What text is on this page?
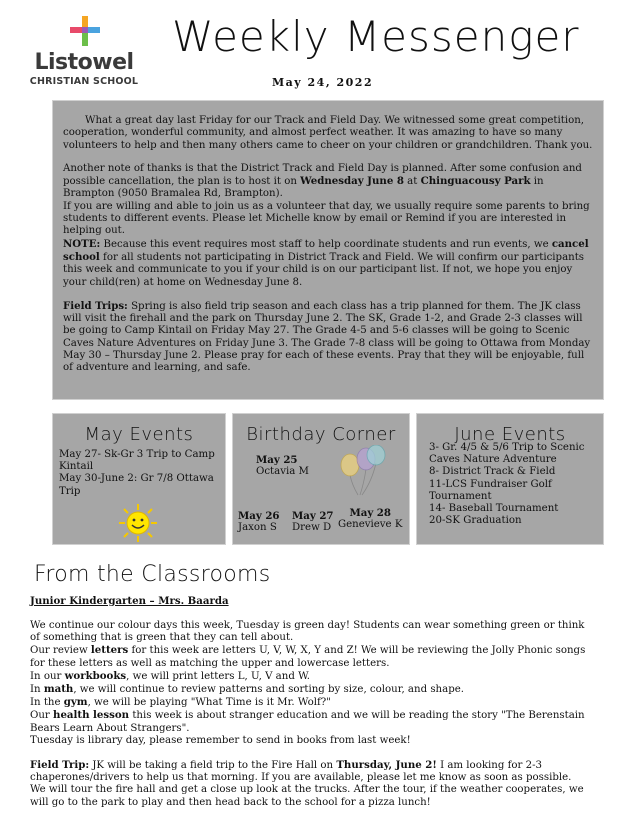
Listowel
CHRISTIAN SCHOOL
Weekly Messenger
May 24, 2022

What a great day last Friday for our Track and Field Day. We witnessed some great competition, cooperation, wonderful community, and almost perfect weather. It was amazing to have so many volunteers to help and then many others came to cheer on your children or grandchildren. Thank you.

Another note of thanks is that the District Track and Field Day is planned. After some confusion and possible cancellation, the plan is to host it on Wednesday June 8 at Chinguacousy Park in Brampton (9050 Bramalea Rd, Brampton).

If you are willing and able to join us as a volunteer that day, we usually require some parents to bring students to different events. Please let Michelle know by email or Remind if you are interested in helping out.

NOTE: Because this event requires most staff to help coordinate students and run events, we cancel school for all students not participating in District Track and Field. We will confirm our participants this week and communicate to you if your child is on our participant list. If not, we hope you enjoy your child(ren) at home on Wednesday June 8.

Field Trips: Spring is also field trip season and each class has a trip planned for them. The JK class will visit the firehall and the park on Thursday June 2. The SK, Grade 1-2, and Grade 2-3 classes will be going to Camp Kintail on Friday May 27. The Grade 4-5 and 5-6 classes will be going to Scenic Caves Nature Adventures on Friday June 3. The Grade 7-8 class will be going to Ottawa from Monday May 30 – Thursday June 2. Please pray for each of these events. Pray that they will be enjoyable, full of adventure and learning, and safe.

May Events
May 27- Sk-Gr 3 Trip to Camp Kintail
May 30-June 2: Gr 7/8 Ottawa Trip
Birthday Corner
May 25
Octavia M
May 26
Jaxon S
May 27
Drew D
May 28
Genevieve K
June Events
3- Gr. 4/5 & 5/6 Trip to Scenic Caves Nature Adventure
8- District Track & Field
11-LCS Fundraiser Golf Tournament
14- Baseball Tournament
20-SK Graduation
From the Classrooms
Junior Kindergarten – Mrs. Baarda

We continue our colour days this week, Tuesday is green day! Students can wear something green or think of something that is green that they can tell about.

Our review letters for this week are letters U, V, W, X, Y and Z! We will be reviewing the Jolly Phonic songs for these letters as well as matching the upper and lowercase letters.

In our workbooks, we will print letters L, U, V and W.

In math, we will continue to review patterns and sorting by size, colour, and shape.

In the gym, we will be playing "What Time is it Mr. Wolf?"

Our health lesson this week is about stranger education and we will be reading the story "The Berenstain Bears Learn About Strangers".

Tuesday is library day, please remember to send in books from last week!

Field Trip: JK will be taking a field trip to the Fire Hall on Thursday, June 2! I am looking for 2-3 chaperones/drivers to help us that morning. If you are available, please let me know as soon as possible. We will tour the fire hall and get a close up look at the trucks. After the tour, if the weather cooperates, we will go to the park to play and then head back to the school for a pizza lunch!
